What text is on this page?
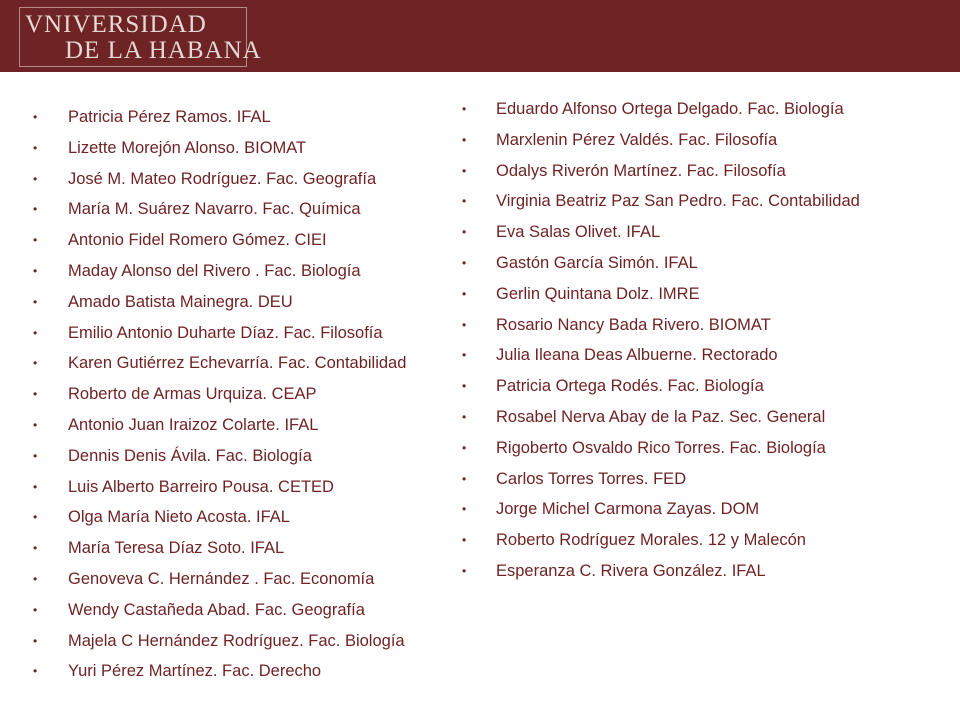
VNIVERSIDAD
DE LA HABANA
• Patricia Pérez Ramos. IFAL
• Lizette Morejón Alonso. BIOMAT
• José M. Mateo Rodríguez. Fac. Geografía
• María M. Suárez Navarro. Fac. Química
• Antonio Fidel Romero Gómez. CIEI
• Maday Alonso del Rivero . Fac. Biología
• Amado Batista Mainegra. DEU
• Emilio Antonio Duharte Díaz. Fac. Filosofía
• Karen Gutiérrez Echevarría. Fac. Contabilidad
• Roberto de Armas Urquiza. CEAP
• Antonio Juan Iraizoz Colarte. IFAL
• Dennis Denis Ávila. Fac. Biología
• Luis Alberto Barreiro Pousa. CETED
• Olga María Nieto Acosta. IFAL
• María Teresa Díaz Soto. IFAL
• Genoveva C. Hernández . Fac. Economía
• Wendy Castañeda Abad. Fac. Geografía
• Majela C Hernández Rodríguez. Fac. Biología
• Yuri Pérez Martínez. Fac. Derecho
• Eduardo Alfonso Ortega Delgado. Fac. Biología
• Marxlenin Pérez Valdés. Fac. Filosofía
• Odalys Riverón Martínez. Fac. Filosofía
• Virginia Beatriz Paz San Pedro. Fac. Contabilidad
• Eva Salas Olivet. IFAL
• Gastón García Simón. IFAL
• Gerlin Quintana Dolz. IMRE
• Rosario Nancy Bada Rivero. BIOMAT
• Julia Ileana Deas Albuerne. Rectorado
• Patricia Ortega Rodés. Fac. Biología
• Rosabel Nerva Abay de la Paz. Sec. General
• Rigoberto Osvaldo Rico Torres. Fac. Biología
• Carlos Torres Torres. FED
• Jorge Michel Carmona Zayas. DOM
• Roberto Rodríguez Morales. 12 y Malecón
• Esperanza C. Rivera González. IFAL
